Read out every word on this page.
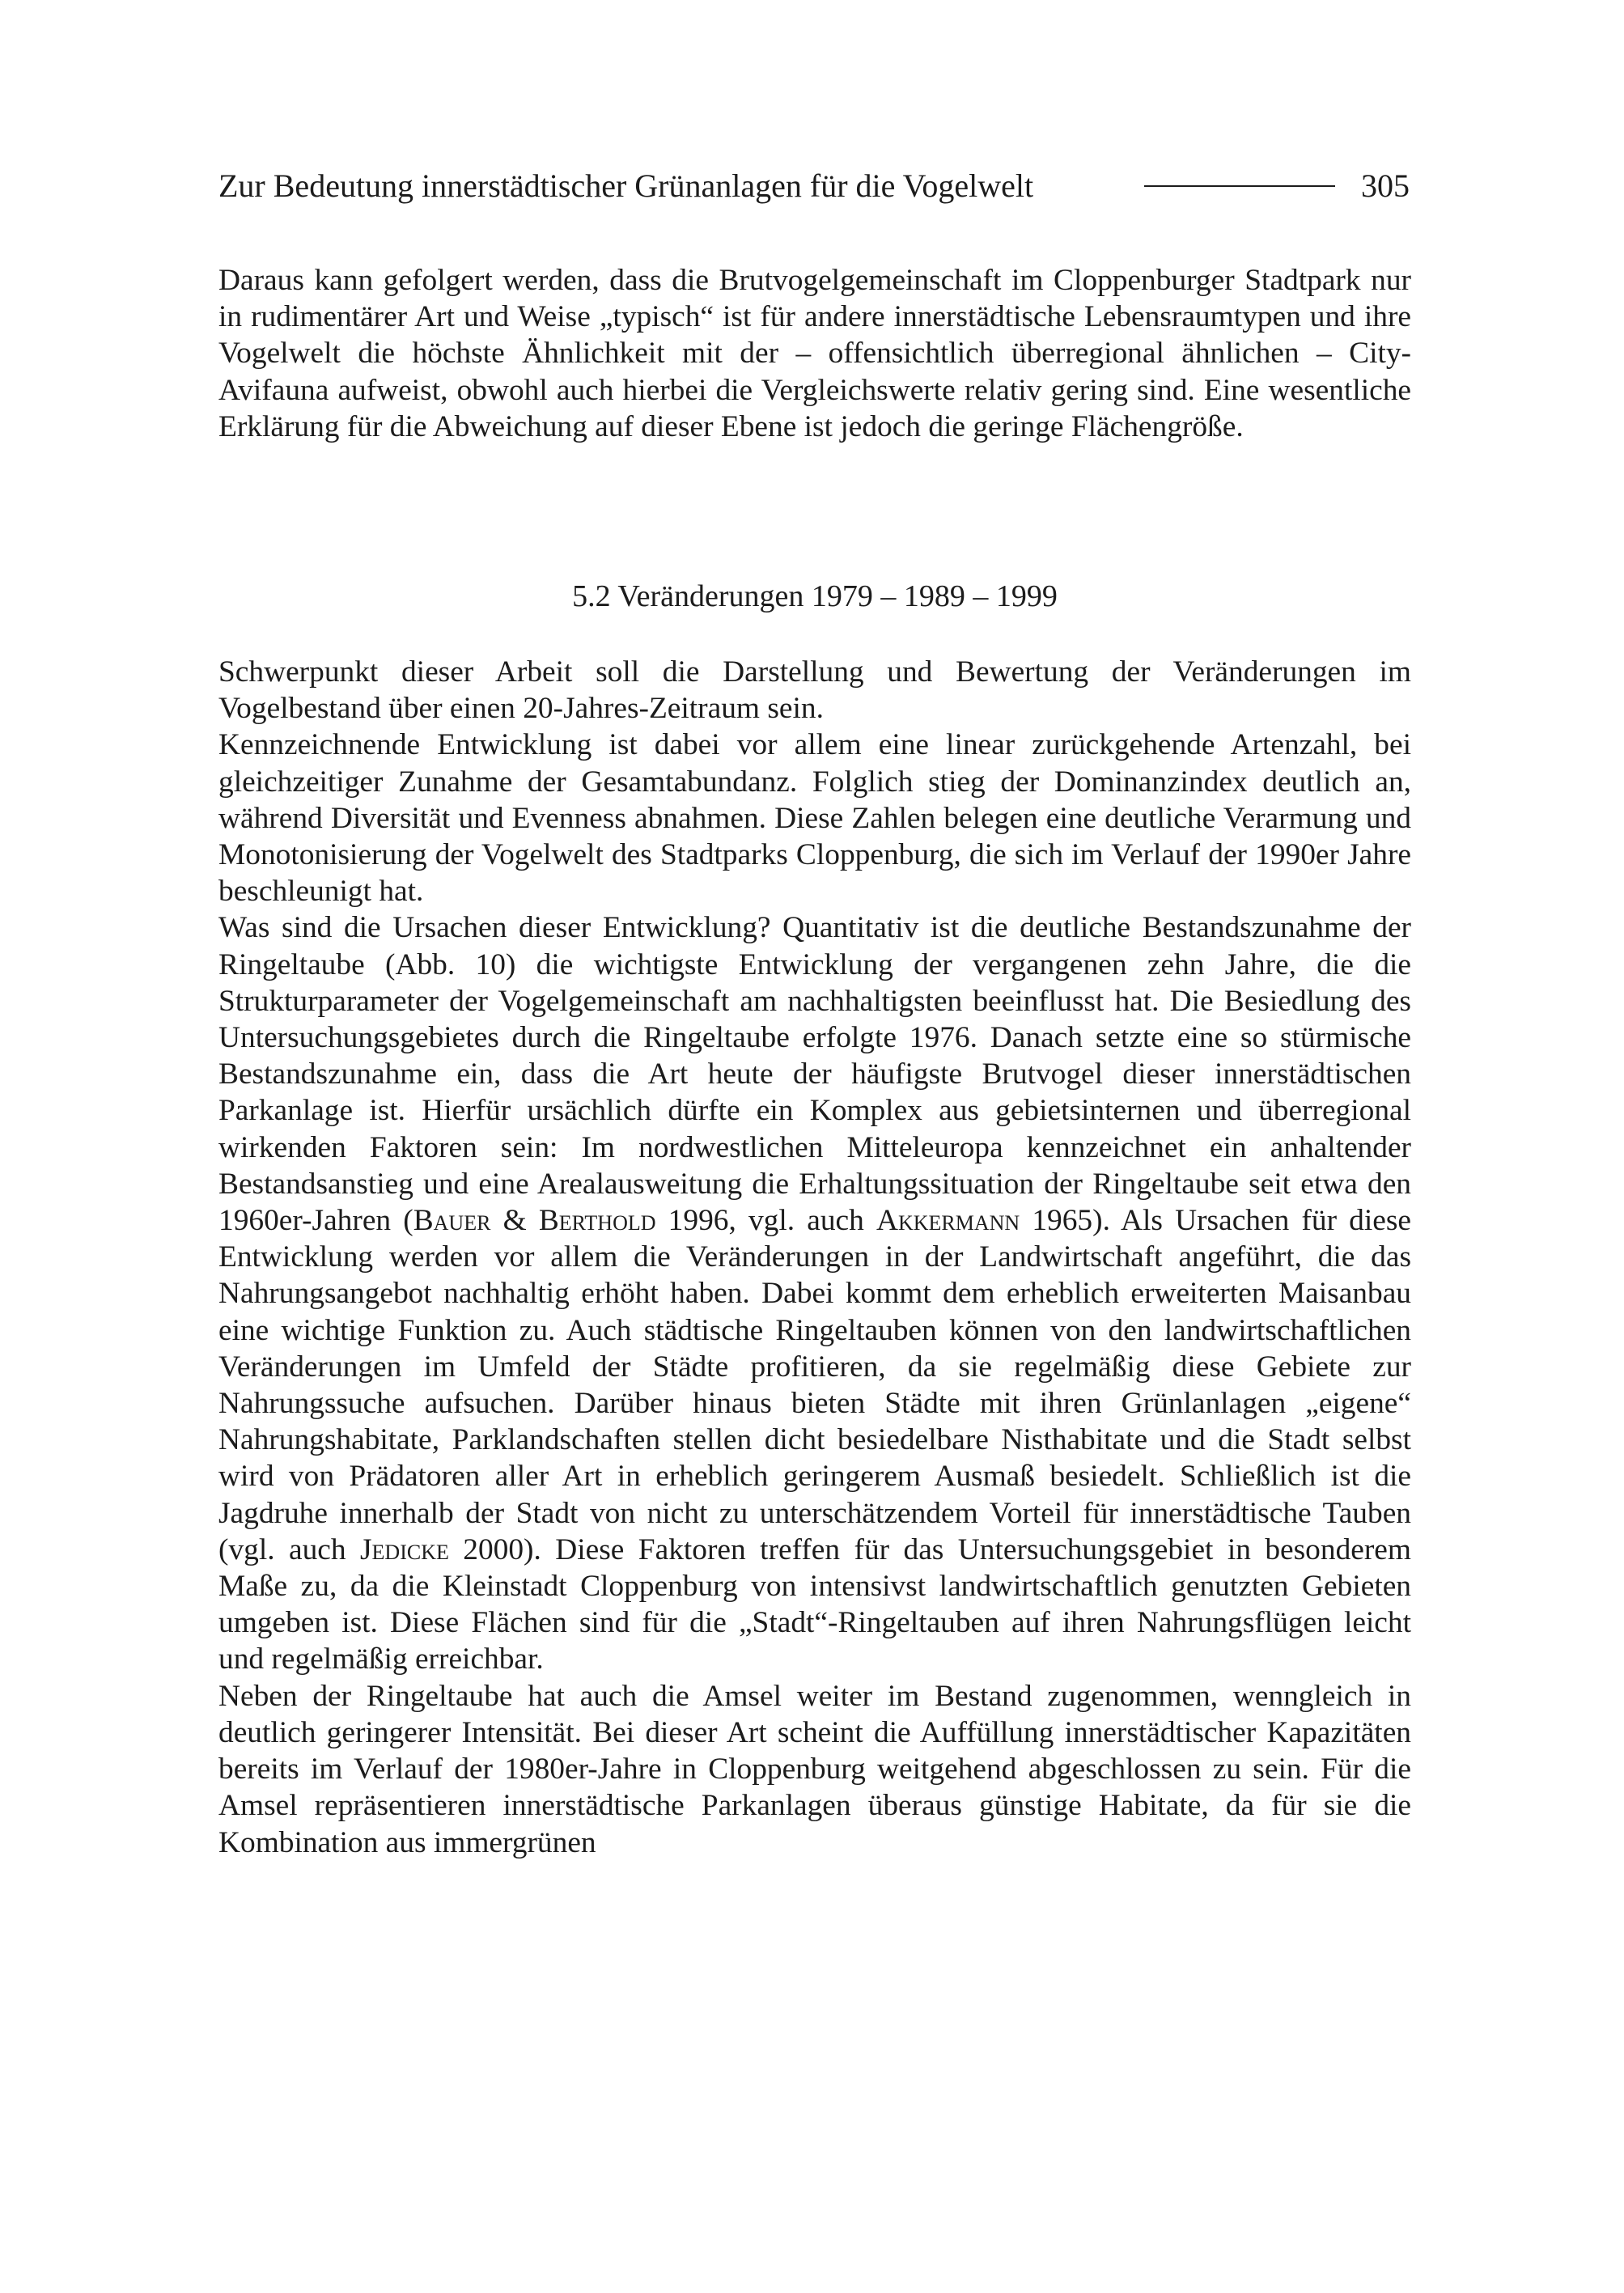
Zur Bedeutung innerstädtischer Grünanlagen für die Vogelwelt	305

Daraus kann gefolgert werden, dass die Brutvogelgemeinschaft im Cloppenburger Stadtpark nur in rudimentärer Art und Weise „typisch“ ist für andere innerstädtische Lebensraumtypen und ihre Vogelwelt die höchste Ähnlichkeit mit der – offensichtlich überregional ähnlichen – City-Avifauna aufweist, obwohl auch hierbei die Vergleichswerte relativ gering sind. Eine wesentliche Erklärung für die Abweichung auf dieser Ebene ist jedoch die geringe Flächengröße.

5.2 Veränderungen 1979 – 1989 – 1999

Schwerpunkt dieser Arbeit soll die Darstellung und Bewertung der Veränderungen im Vogelbestand über einen 20-Jahres-Zeitraum sein.

Kennzeichnende Entwicklung ist dabei vor allem eine linear zurückgehende Artenzahl, bei gleichzeitiger Zunahme der Gesamtabundanz. Folglich stieg der Dominanzindex deutlich an, während Diversität und Evenness abnahmen. Diese Zahlen belegen eine deutliche Verarmung und Monotonisierung der Vogelwelt des Stadtparks Cloppenburg, die sich im Verlauf der 1990er Jahre beschleunigt hat.

Was sind die Ursachen dieser Entwicklung? Quantitativ ist die deutliche Bestandszunahme der Ringeltaube (Abb. 10) die wichtigste Entwicklung der vergangenen zehn Jahre, die die Strukturparameter der Vogelgemeinschaft am nachhaltigsten beeinflusst hat. Die Besiedlung des Untersuchungsgebietes durch die Ringeltaube erfolgte 1976. Danach setzte eine so stürmische Bestandszunahme ein, dass die Art heute der häufigste Brutvogel dieser innerstädtischen Parkanlage ist. Hierfür ursächlich dürfte ein Komplex aus gebietsinternen und überregional wirkenden Faktoren sein: Im nordwestlichen Mitteleuropa kennzeichnet ein anhaltender Bestandsanstieg und eine Arealausweitung die Erhaltungssituation der Ringeltaube seit etwa den 1960er-Jahren (Bauer & Berthold 1996, vgl. auch Akkermann 1965). Als Ursachen für diese Entwicklung werden vor allem die Veränderungen in der Landwirtschaft angeführt, die das Nahrungsangebot nachhaltig erhöht haben. Dabei kommt dem erheblich erweiterten Maisanbau eine wichtige Funktion zu. Auch städtische Ringeltauben können von den landwirtschaftlichen Veränderungen im Umfeld der Städte profitieren, da sie regelmäßig diese Gebiete zur Nahrungssuche aufsuchen. Darüber hinaus bieten Städte mit ihren Grünlanlagen „eigene“ Nahrungshabitate, Parklandschaften stellen dicht besiedelbare Nisthabitate und die Stadt selbst wird von Prädatoren aller Art in erheblich geringerem Ausmaß besiedelt. Schließlich ist die Jagdruhe innerhalb der Stadt von nicht zu unterschätzendem Vorteil für innerstädtische Tauben (vgl. auch Jedicke 2000). Diese Faktoren treffen für das Untersuchungsgebiet in besonderem Maße zu, da die Kleinstadt Cloppenburg von intensivst landwirtschaftlich genutzten Gebieten umgeben ist. Diese Flächen sind für die „Stadt“-Ringeltauben auf ihren Nahrungsflügen leicht und regelmäßig erreichbar.

Neben der Ringeltaube hat auch die Amsel weiter im Bestand zugenommen, wenngleich in deutlich geringerer Intensität. Bei dieser Art scheint die Auffüllung innerstädtischer Kapazitäten bereits im Verlauf der 1980er-Jahre in Cloppenburg weitgehend abgeschlossen zu sein. Für die Amsel repräsentieren innerstädtische Parkanlagen überaus günstige Habitate, da für sie die Kombination aus immergrünen
